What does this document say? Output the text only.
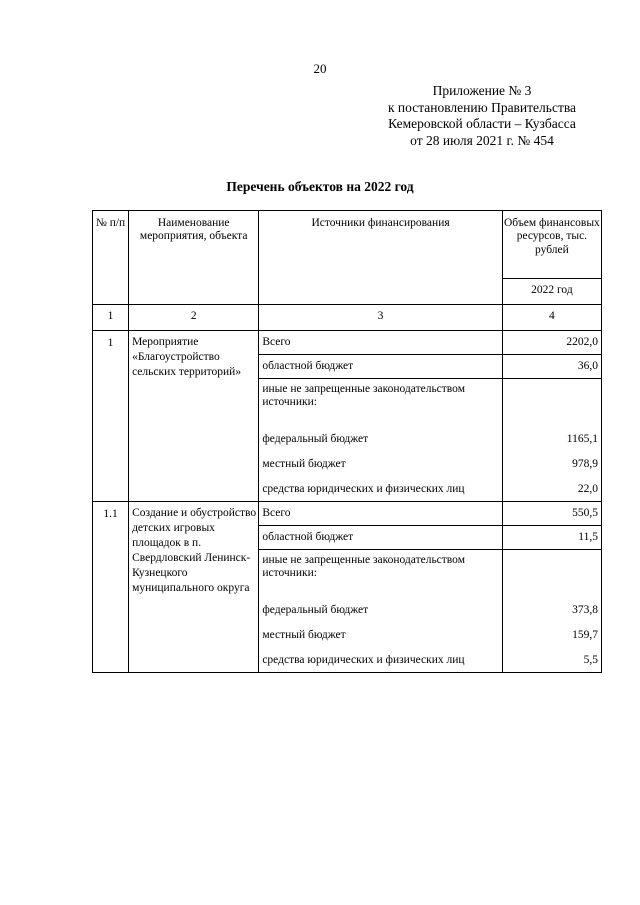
20
Приложение № 3
к постановлению Правительства
Кемеровской области – Кузбасса
от 28 июля 2021 г. № 454
Перечень объектов на 2022 год
№ п/п	Наименование мероприятия, объекта	Источники финансирования	Объем финансовых ресурсов, тыс. рублей
			2022 год
1	2	3	4
1	Мероприятие «Благоустройство сельских территорий»	Всего	2202,0
		областной бюджет	36,0
		иные не запрещенные законодательством источники:	
		федеральный бюджет	1165,1
		местный бюджет	978,9
		средства юридических и физических лиц	22,0
1.1	Создание и обустройство детских игровых площадок в п. Свердловский Ленинск-Кузнецкого муниципального округа	Всего	550,5
		областной бюджет	11,5
		иные не запрещенные законодательством источники:	
		федеральный бюджет	373,8
		местный бюджет	159,7
		средства юридических и физических лиц	5,5
